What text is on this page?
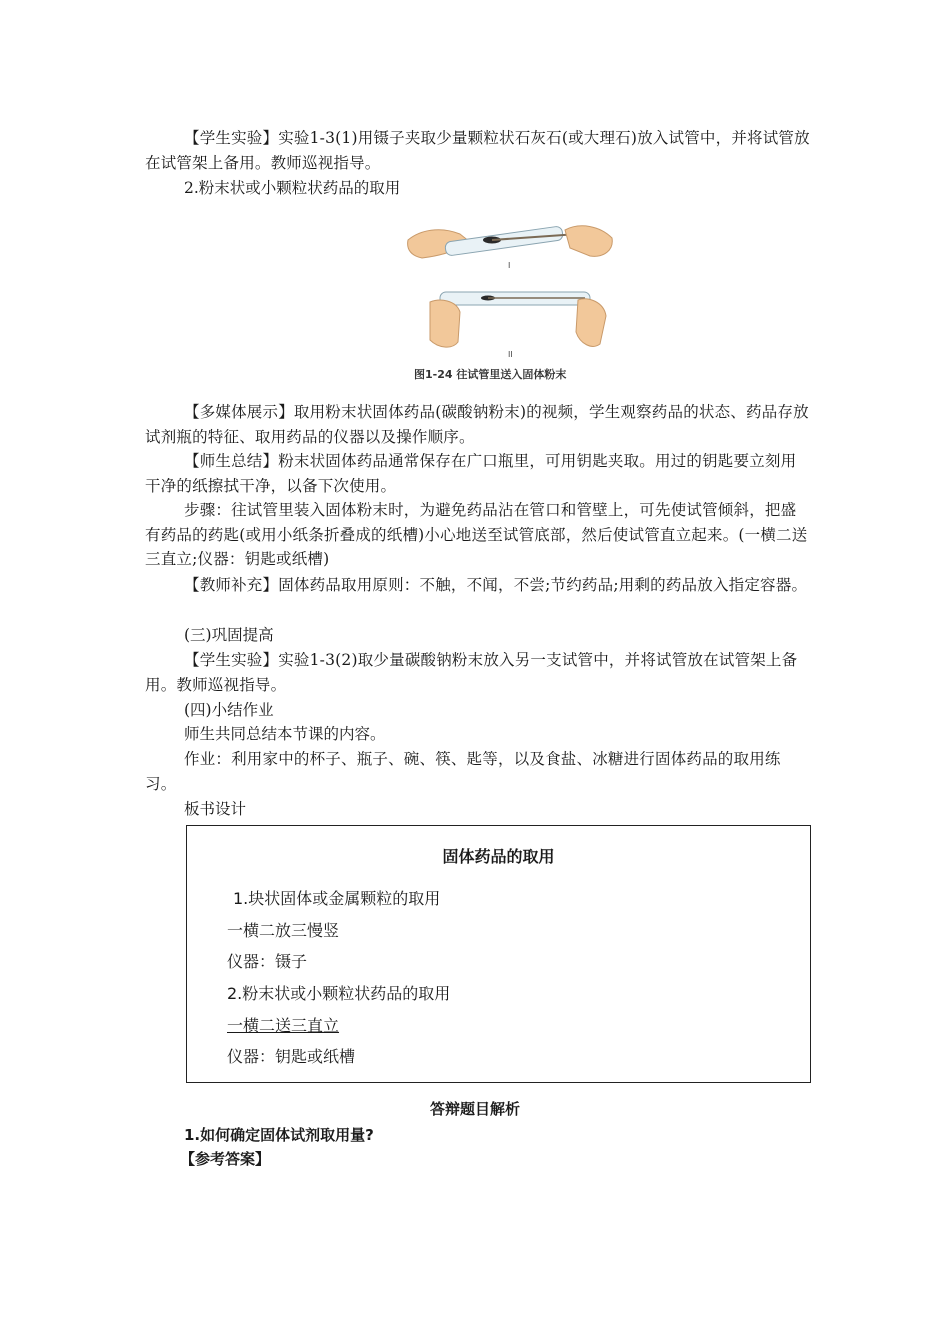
【学生实验】实验1-3(1)用镊子夹取少量颗粒状石灰石(或大理石)放入试管中，并将试管放在试管架上备用。教师巡视指导。

2.粉末状或小颗粒状药品的取用
I
II
图1-24 往试管里送入固体粉末

【多媒体展示】取用粉末状固体药品(碳酸钠粉末)的视频，学生观察药品的状态、药品存放试剂瓶的特征、取用药品的仪器以及操作顺序。

【师生总结】粉末状固体药品通常保存在广口瓶里，可用钥匙夹取。用过的钥匙要立刻用干净的纸擦拭干净，以备下次使用。

步骤：往试管里装入固体粉末时，为避免药品沾在管口和管壁上，可先使试管倾斜，把盛有药品的药匙(或用小纸条折叠成的纸槽)小心地送至试管底部，然后使试管直立起来。(一横二送三直立;仪器：钥匙或纸槽)

【教师补充】固体药品取用原则：不触，不闻，不尝;节约药品;用剩的药品放入指定容器。

(三)巩固提高

【学生实验】实验1-3(2)取少量碳酸钠粉末放入另一支试管中，并将试管放在试管架上备用。教师巡视指导。

(四)小结作业
师生共同总结本节课的内容。

作业：利用家中的杯子、瓶子、碗、筷、匙等，以及食盐、冰糖进行固体药品的取用练习。

板书设计
固体药品的取用
1.块状固体或金属颗粒的取用
一横二放三慢竖
仪器：镊子
2.粉末状或小颗粒状药品的取用
一横二送三直立
仪器：钥匙或纸槽
答辩题目解析
1.如何确定固体试剂取用量?
【参考答案】
